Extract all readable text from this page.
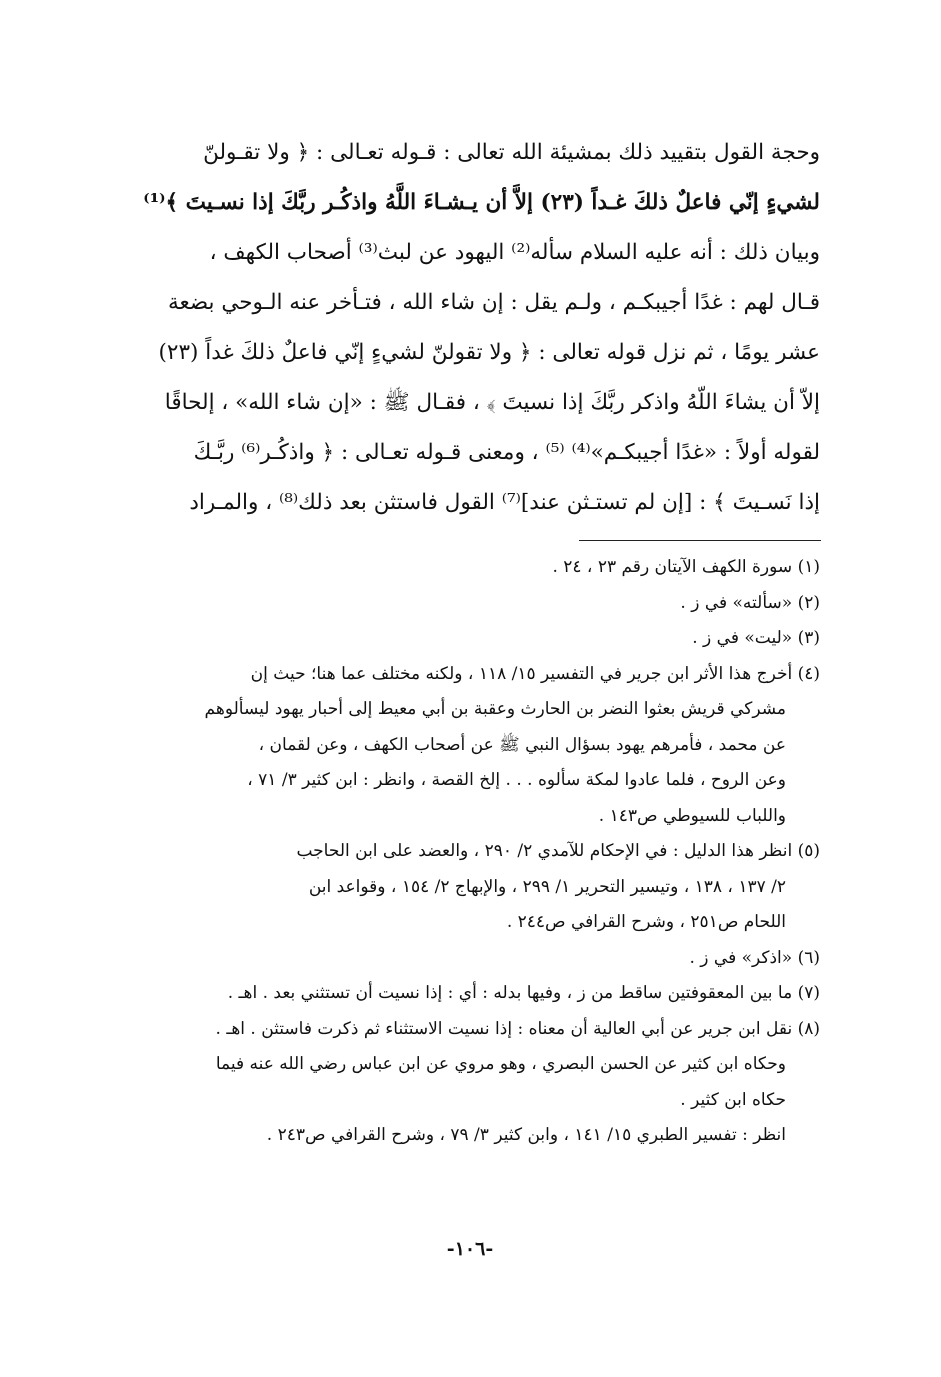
وحجة القول بتقييد ذلك بمشيئة الله تعالى : قـوله تعـالى : ﴿ ولا تقـولنّ
لشيءٍ إنّي فاعلٌ ذلكَ غـداً (٢٣) إلاَّ أن يـشـاءَ اللَّهُ واذكُـر ربَّكَ إذا نسـيتَ ﴾⁽¹⁾
وبيان ذلك : أنه عليه السلام سأله⁽²⁾ اليهود عن لبث⁽³⁾ أصحاب الكهف ،
قـال لهم : غدًا أجيبكـم ، ولـم يقل : إن شاء الله ، فتـأخر عنه الـوحي بضعة
عشر يومًا ، ثم نزل قوله تعالى : ﴿ ولا تقولنّ لشيءٍ إنّي فاعلٌ ذلكَ غداً (٢٣)
إلاّ أن يشاءَ اللّهُ واذكر ربَّكَ إذا نسيتَ ﴾ ، فقـال ﷺ : «إن شاء الله» ، إلحاقًا
لقوله أولاً : «غدًا أجيبكـم»⁽⁴⁾ ⁽⁵⁾ ، ومعنى قـوله تعـالى : ﴿ واذكُـر⁽⁶⁾ ربَّـكَ
إذا نَسـيتَ ﴾ : [إن لم تستـثن عند]⁽⁷⁾ القول فاستثن بعد ذلك⁽⁸⁾ ، والمـراد
(١) سورة الكهف الآيتان رقم ٢٣ ، ٢٤ .
(٢) «سألته» في ز .
(٣) «ليت» في ز .
(٤) أخرج هذا الأثر ابن جرير في التفسير ١٥/ ١١٨ ، ولكنه مختلف عما هنا؛ حيث إن
مشركي قريش بعثوا النضر بن الحارث وعقبة بن أبي معيط إلى أحبار يهود ليسألوهم
عن محمد ، فأمرهم يهود بسؤال النبي ﷺ عن أصحاب الكهف ، وعن لقمان ،
وعن الروح ، فلما عادوا لمكة سألوه . . . إلخ القصة ، وانظر : ابن كثير ٣/ ٧١ ،
واللباب للسيوطي ص١٤٣ .
(٥) انظر هذا الدليل : في الإحكام للآمدي ٢/ ٢٩٠ ، والعضد على ابن الحاجب
٢/ ١٣٧ ، ١٣٨ ، وتيسير التحرير ١/ ٢٩٩ ، والإبهاج ٢/ ١٥٤ ، وقواعد ابن
اللحام ص٢٥١ ، وشرح القرافي ص٢٤٤ .
(٦) «اذكر» في ز .
(٧) ما بين المعقوفتين ساقط من ز ، وفيها بدله : أي : إذا نسيت أن تستثني بعد . اهـ .
(٨) نقل ابن جرير عن أبي العالية أن معناه : إذا نسيت الاستثناء ثم ذكرت فاستثن . اهـ .
وحكاه ابن كثير عن الحسن البصري ، وهو مروي عن ابن عباس رضي الله عنه فيما
حكاه ابن كثير .
انظر : تفسير الطبري ١٥/ ١٤١ ، وابن كثير ٣/ ٧٩ ، وشرح القرافي ص٢٤٣ .
-١٠٦-
